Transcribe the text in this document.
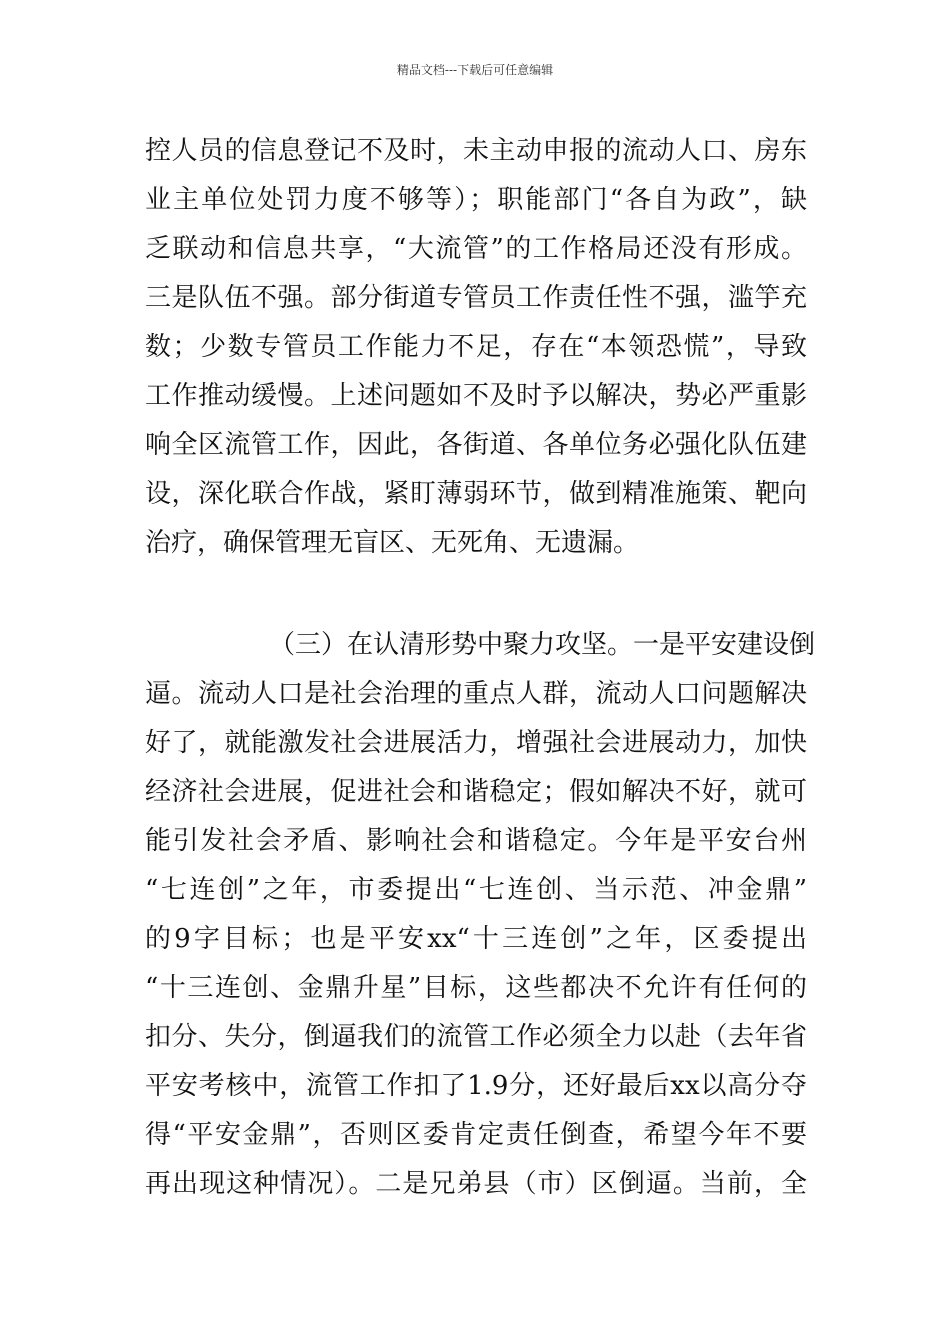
精品文档---下载后可任意编辑
控人员的信息登记不及时，未主动申报的流动人口、房东
业主单位处罚力度不够等）；职能部门“各自为政”，缺
乏联动和信息共享，“大流管”的工作格局还没有形成。
三是队伍不强。部分街道专管员工作责任性不强，滥竽充
数；少数专管员工作能力不足，存在“本领恐慌”，导致
工作推动缓慢。上述问题如不及时予以解决，势必严重影
响全区流管工作，因此，各街道、各单位务必强化队伍建
设，深化联合作战，紧盯薄弱环节，做到精准施策、靶向
治疗，确保管理无盲区、无死角、无遗漏。
（三）在认清形势中聚力攻坚。一是平安建设倒
逼。流动人口是社会治理的重点人群，流动人口问题解决
好了，就能激发社会进展活力，增强社会进展动力，加快
经济社会进展，促进社会和谐稳定；假如解决不好，就可
能引发社会矛盾、影响社会和谐稳定。今年是平安台州
“七连创”之年，市委提出“七连创、当示范、冲金鼎”
的9字目标；也是平安xx“十三连创”之年，区委提出
“十三连创、金鼎升星”目标，这些都决不允许有任何的
扣分、失分，倒逼我们的流管工作必须全力以赴（去年省
平安考核中，流管工作扣了1.9分，还好最后xx以高分夺
得“平安金鼎”，否则区委肯定责任倒查，希望今年不要
再出现这种情况）。二是兄弟县（市）区倒逼。当前，全
